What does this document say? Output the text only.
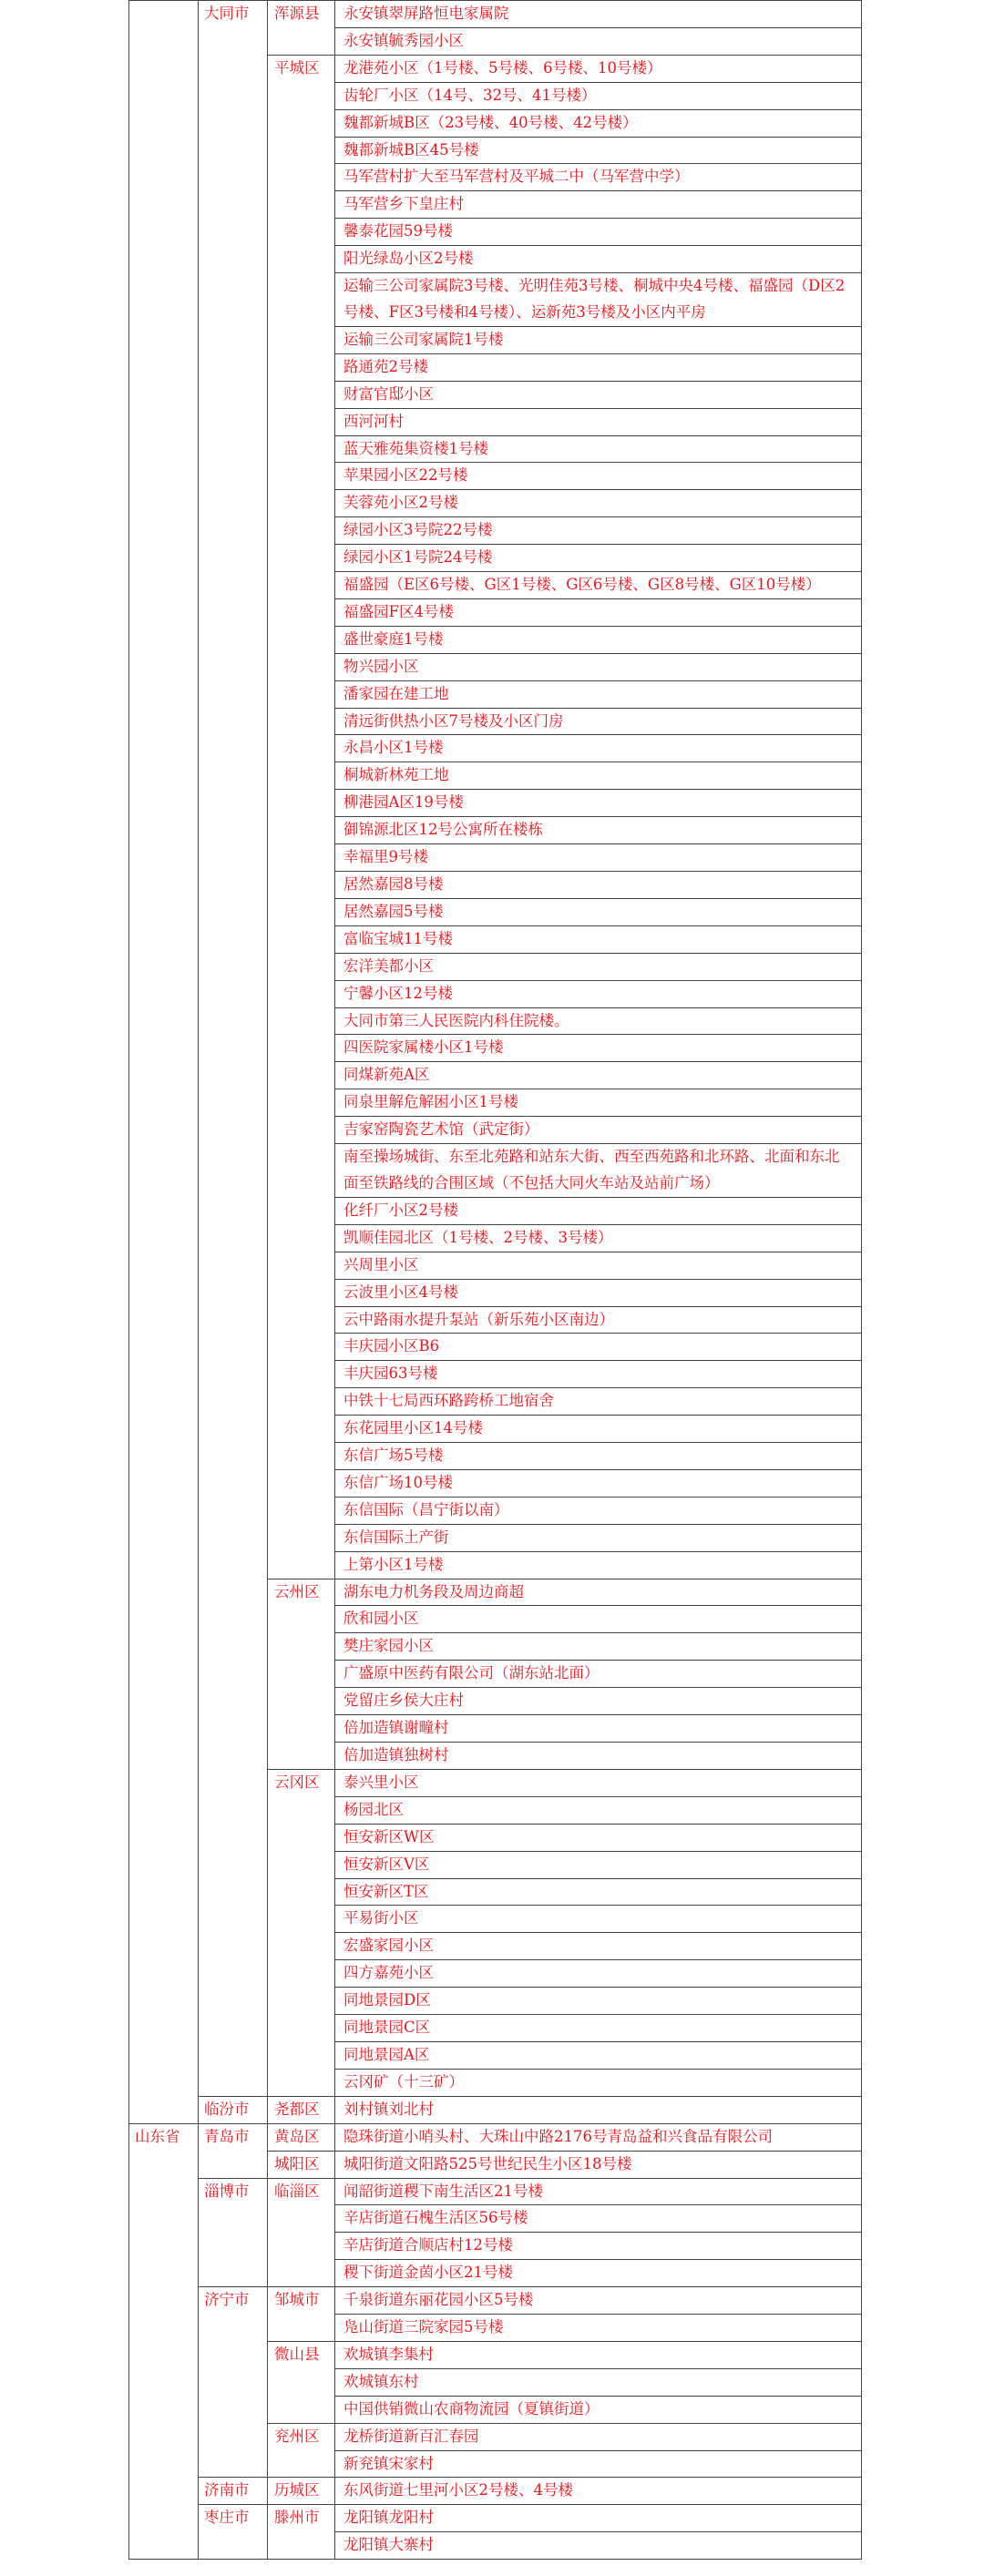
	大同市	浑源县	永安镇翠屏路恒电家属院
			永安镇毓秀园小区
		平城区	龙港苑小区（1号楼、5号楼、6号楼、10号楼）
			齿轮厂小区（14号、32号、41号楼）
			魏都新城B区（23号楼、40号楼、42号楼）
			魏都新城B区45号楼
			马军营村扩大至马军营村及平城二中（马军营中学）
			马军营乡下皇庄村
			馨泰花园59号楼
			阳光绿岛小区2号楼
			运输三公司家属院3号楼、光明佳苑3号楼、桐城中央4号楼、福盛园（D区2号楼、F区3号楼和4号楼）、运新苑3号楼及小区内平房
			运输三公司家属院1号楼
			路通苑2号楼
			财富官邸小区
			西河河村
			蓝天雅苑集资楼1号楼
			苹果园小区22号楼
			芙蓉苑小区2号楼
			绿园小区3号院22号楼
			绿园小区1号院24号楼
			福盛园（E区6号楼、G区1号楼、G区6号楼、G区8号楼、G区10号楼）
			福盛园F区4号楼
			盛世豪庭1号楼
			物兴园小区
			潘家园在建工地
			清远街供热小区7号楼及小区门房
			永昌小区1号楼
			桐城新林苑工地
			柳港园A区19号楼
			御锦源北区12号公寓所在楼栋
			幸福里9号楼
			居然嘉园8号楼
			居然嘉园5号楼
			富临宝城11号楼
			宏洋美都小区
			宁馨小区12号楼
			大同市第三人民医院内科住院楼。
			四医院家属楼小区1号楼
			同煤新苑A区
			同泉里解危解困小区1号楼
			吉家窑陶瓷艺术馆（武定街）
			南至操场城街、东至北苑路和站东大街、西至西苑路和北环路、北面和东北面至铁路线的合围区域（不包括大同火车站及站前广场）
			化纤厂小区2号楼
			凯顺佳园北区（1号楼、2号楼、3号楼）
			兴周里小区
			云波里小区4号楼
			云中路雨水提升泵站（新乐苑小区南边）
			丰庆园小区B6
			丰庆园63号楼
			中铁十七局西环路跨桥工地宿舍
			东花园里小区14号楼
			东信广场5号楼
			东信广场10号楼
			东信国际（昌宁街以南）
			东信国际土产街
			上第小区1号楼
		云州区	湖东电力机务段及周边商超
			欣和园小区
			樊庄家园小区
			广盛原中医药有限公司（湖东站北面）
			党留庄乡侯大庄村
			倍加造镇谢疃村
			倍加造镇独树村
		云冈区	泰兴里小区
			杨园北区
			恒安新区W区
			恒安新区V区
			恒安新区T区
			平易街小区
			宏盛家园小区
			四方嘉苑小区
			同地景园D区
			同地景园C区
			同地景园A区
			云冈矿（十三矿）
	临汾市	尧都区	刘村镇刘北村
山东省	青岛市	黄岛区	隐珠街道小哨头村、大珠山中路2176号青岛益和兴食品有限公司
		城阳区	城阳街道文阳路525号世纪民生小区18号楼
	淄博市	临淄区	闻韶街道稷下南生活区21号楼
			辛店街道石槐生活区56号楼
			辛店街道合顺店村12号楼
			稷下街道金茵小区21号楼
	济宁市	邹城市	千泉街道东丽花园小区5号楼
			凫山街道三院家园5号楼
		微山县	欢城镇李集村
			欢城镇东村
			中国供销微山农商物流园（夏镇街道）
		兖州区	龙桥街道新百汇春园
			新兖镇宋家村
	济南市	历城区	东风街道七里河小区2号楼、4号楼
	枣庄市	滕州市	龙阳镇龙阳村
			龙阳镇大寨村
